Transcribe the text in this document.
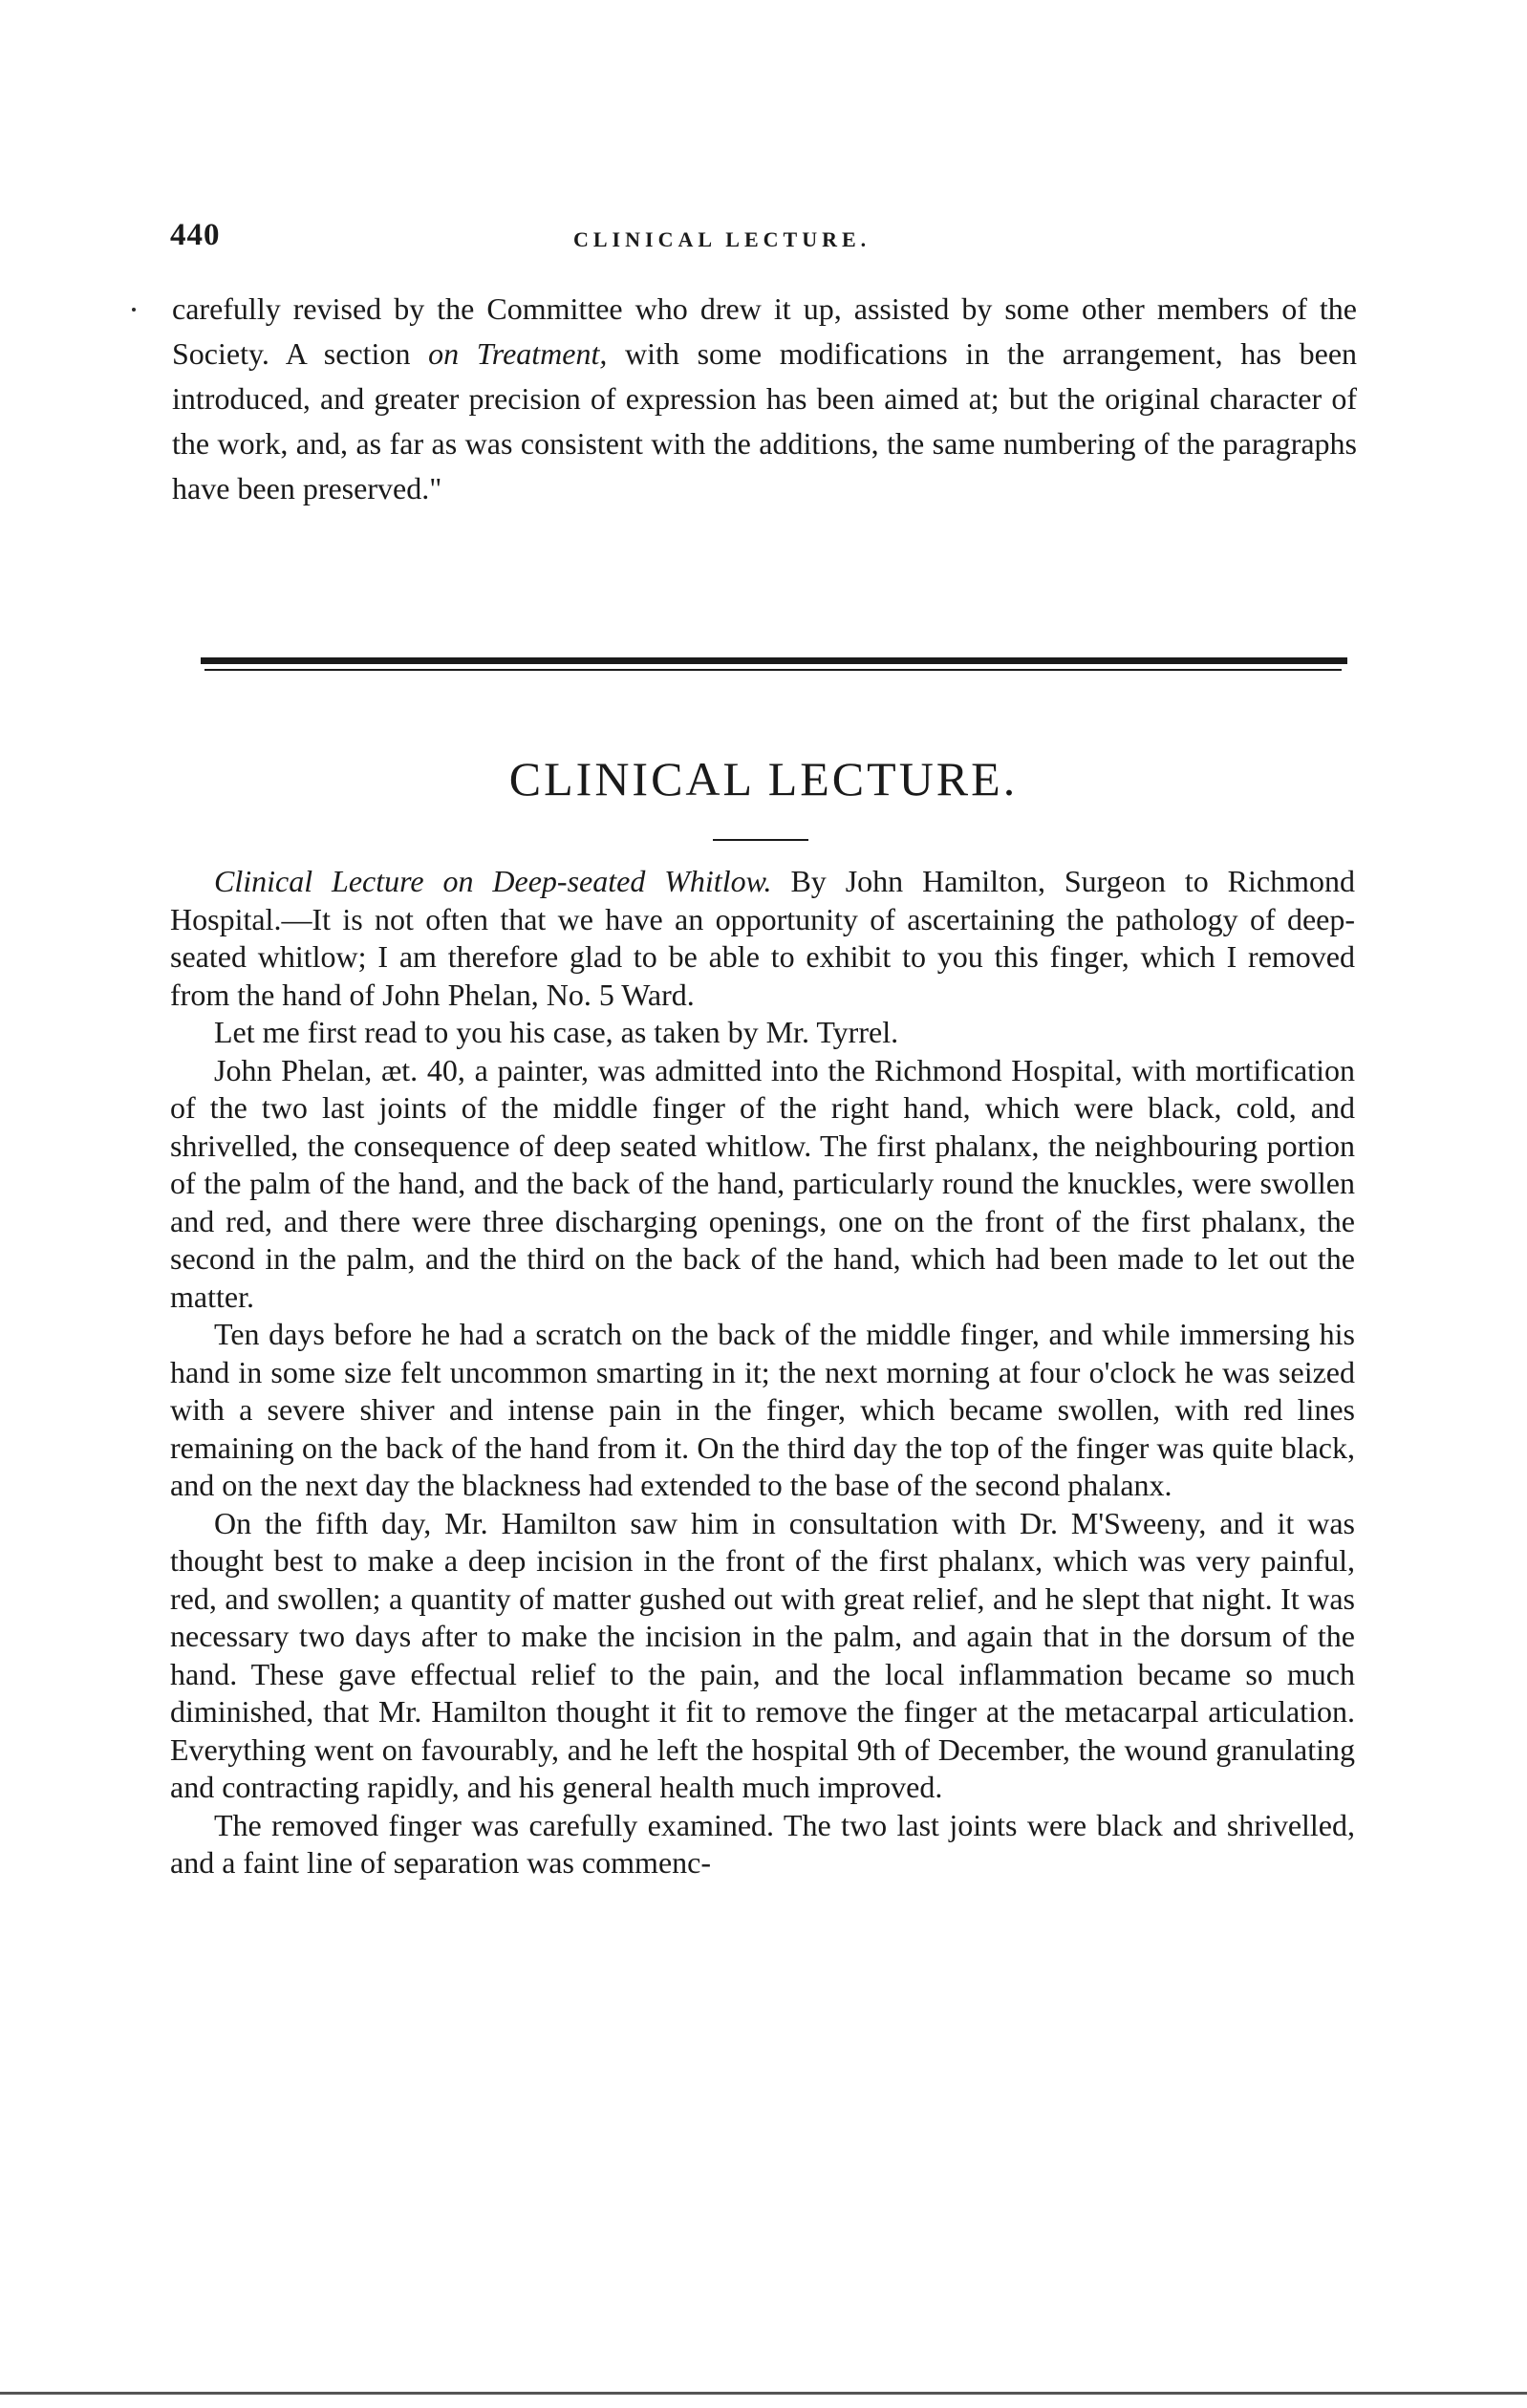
440	CLINICAL LECTURE.

carefully revised by the Committee who drew it up, assisted by some other members of the Society. A section on Treatment, with some modifications in the arrangement, has been introduced, and greater precision of expression has been aimed at; but the original character of the work, and, as far as was consistent with the additions, the same numbering of the paragraphs have been preserved."

CLINICAL LECTURE.

Clinical Lecture on Deep-seated Whitlow. By John Hamilton, Surgeon to Richmond Hospital.—It is not often that we have an opportunity of ascertaining the pathology of deep-seated whitlow; I am therefore glad to be able to exhibit to you this finger, which I removed from the hand of John Phelan, No. 5 Ward.

Let me first read to you his case, as taken by Mr. Tyrrel.

John Phelan, æt. 40, a painter, was admitted into the Richmond Hospital, with mortification of the two last joints of the middle finger of the right hand, which were black, cold, and shrivelled, the consequence of deep seated whitlow. The first phalanx, the neighbouring portion of the palm of the hand, and the back of the hand, particularly round the knuckles, were swollen and red, and there were three discharging openings, one on the front of the first phalanx, the second in the palm, and the third on the back of the hand, which had been made to let out the matter.

Ten days before he had a scratch on the back of the middle finger, and while immersing his hand in some size felt uncommon smarting in it; the next morning at four o'clock he was seized with a severe shiver and intense pain in the finger, which became swollen, with red lines remaining on the back of the hand from it. On the third day the top of the finger was quite black, and on the next day the blackness had extended to the base of the second phalanx.

On the fifth day, Mr. Hamilton saw him in consultation with Dr. M'Sweeny, and it was thought best to make a deep incision in the front of the first phalanx, which was very painful, red, and swollen; a quantity of matter gushed out with great relief, and he slept that night. It was necessary two days after to make the incision in the palm, and again that in the dorsum of the hand. These gave effectual relief to the pain, and the local inflammation became so much diminished, that Mr. Hamilton thought it fit to remove the finger at the metacarpal articulation. Everything went on favourably, and he left the hospital 9th of December, the wound granulating and contracting rapidly, and his general health much improved.

The removed finger was carefully examined. The two last joints were black and shrivelled, and a faint line of separation was commenc-
